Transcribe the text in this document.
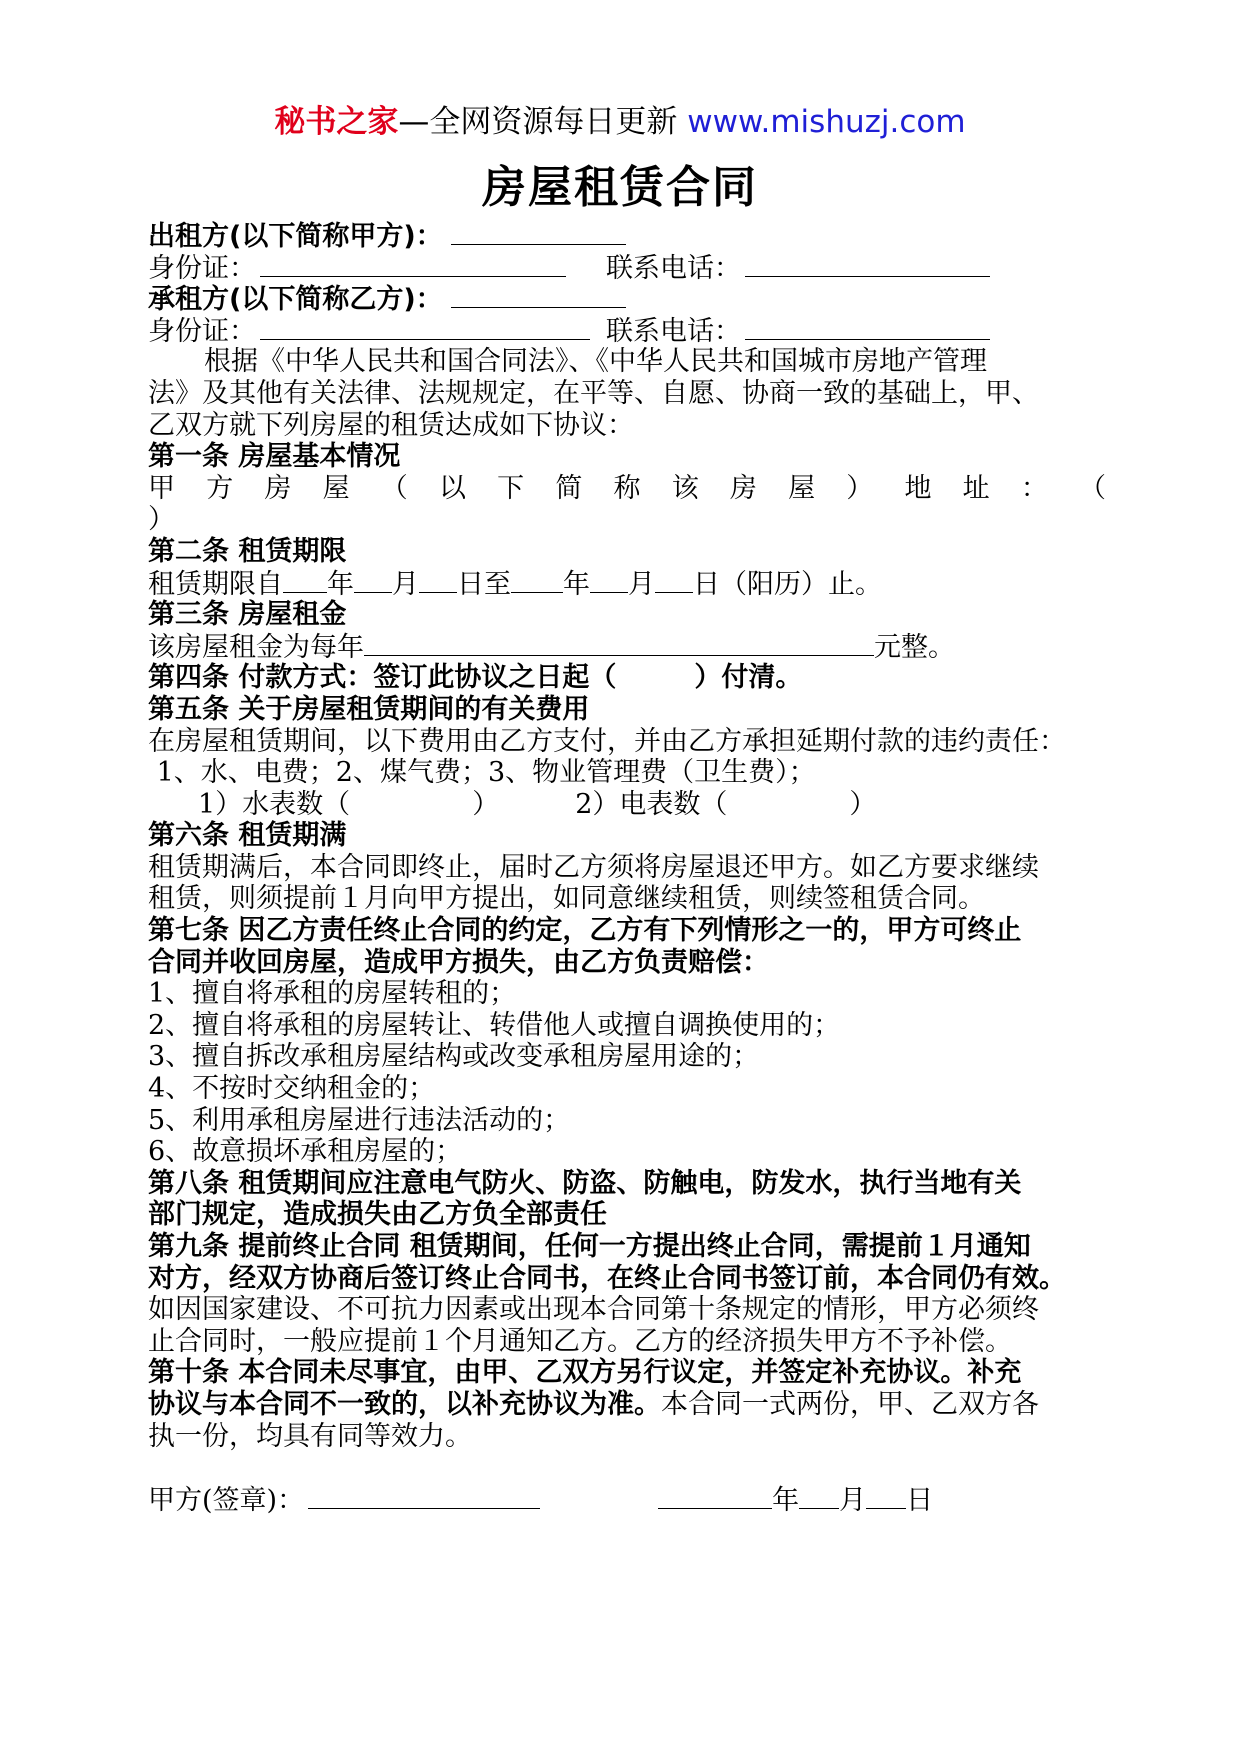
秘书之家—全网资源每日更新 www.mishuzj.com
房屋租赁合同
出租方(以下简称甲方)：
身份证：	联系电话：
承租方(以下简称乙方)：
身份证：	联系电话：
根据《中华人民共和国合同法》、《中华人民共和国城市房地产管理
法》及其他有关法律、法规规定，在平等、自愿、协商一致的基础上，甲、
乙双方就下列房屋的租赁达成如下协议：
第一条 房屋基本情况
甲 方 房 屋 （ 以 下 简 称 该 房 屋 ） 地 址 ： （
）
第二条 租赁期限
租赁期限自 年 月 日至 年 月 日（阳历）止。
第三条 房屋租金
该房屋租金为每年	元整。
第四条 付款方式：签订此协议之日起（	）付清。
第五条 关于房屋租赁期间的有关费用
在房屋租赁期间，以下费用由乙方支付，并由乙方承担延期付款的违约责任：
1、水、电费；2、煤气费；3、物业管理费（卫生费）；
1）水表数（	）	2）电表数（	）
第六条 租赁期满
租赁期满后，本合同即终止，届时乙方须将房屋退还甲方。如乙方要求继续
租赁，则须提前１月向甲方提出，如同意继续租赁，则续签租赁合同。
第七条 因乙方责任终止合同的约定，乙方有下列情形之一的，甲方可终止
合同并收回房屋，造成甲方损失，由乙方负责赔偿：
1、擅自将承租的房屋转租的；
2、擅自将承租的房屋转让、转借他人或擅自调换使用的；
3、擅自拆改承租房屋结构或改变承租房屋用途的；
4、不按时交纳租金的；
5、利用承租房屋进行违法活动的；
6、故意损坏承租房屋的；
第八条 租赁期间应注意电气防火、防盗、防触电，防发水，执行当地有关
部门规定，造成损失由乙方负全部责任
第九条 提前终止合同 租赁期间，任何一方提出终止合同，需提前１月通知
对方，经双方协商后签订终止合同书，在终止合同书签订前，本合同仍有效。
如因国家建设、不可抗力因素或出现本合同第十条规定的情形，甲方必须终
止合同时，一般应提前１个月通知乙方。乙方的经济损失甲方不予补偿。
第十条 本合同未尽事宜，由甲、乙双方另行议定，并签定补充协议。补充
协议与本合同不一致的，以补充协议为准。本合同一式两份，甲、乙双方各
执一份，均具有同等效力。
甲方(签章)：	年 月 日
